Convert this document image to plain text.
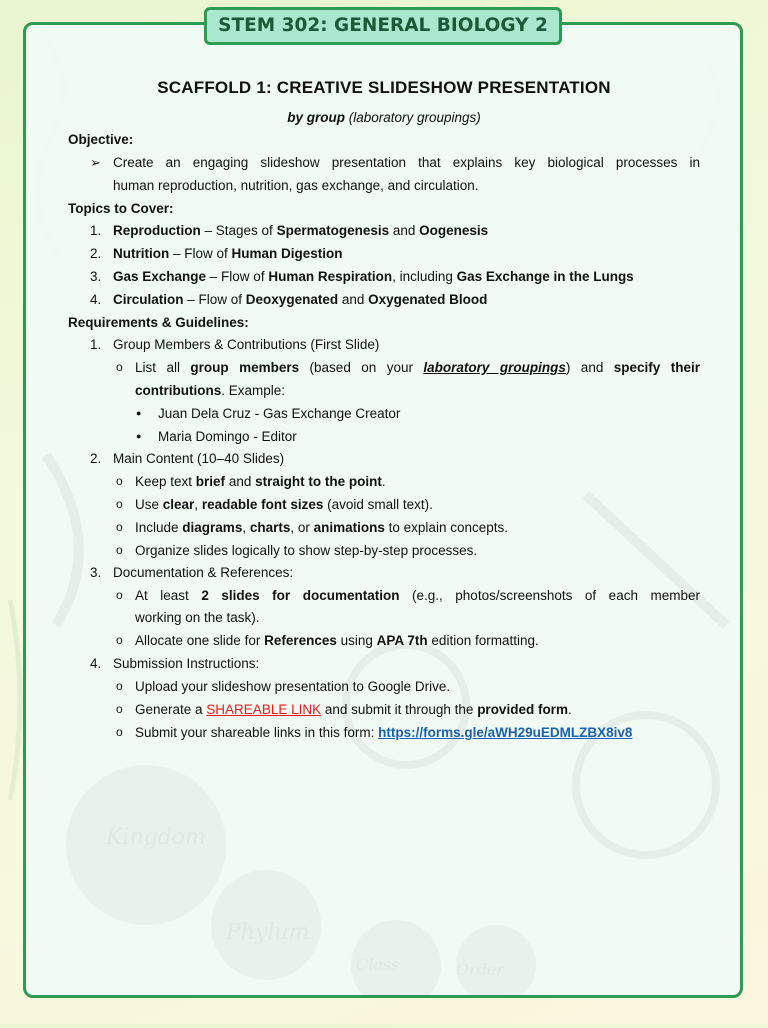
Kingdom
Phylum
Class	Order
STEM 302: GENERAL BIOLOGY 2
SCAFFOLD 1: CREATIVE SLIDESHOW PRESENTATION
by group (laboratory groupings)
Objective:
➢ Create an engaging slideshow presentation that explains key biological processes in
human reproduction, nutrition, gas exchange, and circulation.
Topics to Cover:
1. Reproduction – Stages of Spermatogenesis and Oogenesis
2. Nutrition – Flow of Human Digestion
3. Gas Exchange – Flow of Human Respiration, including Gas Exchange in the Lungs
4. Circulation – Flow of Deoxygenated and Oxygenated Blood
Requirements & Guidelines:
1. Group Members & Contributions (First Slide)
o List all group members (based on your laboratory groupings) and specify their
contributions. Example:
● Juan Dela Cruz - Gas Exchange Creator
● Maria Domingo - Editor
2. Main Content (10–40 Slides)
o Keep text brief and straight to the point.
o Use clear, readable font sizes (avoid small text).
o Include diagrams, charts, or animations to explain concepts.
o Organize slides logically to show step-by-step processes.
3. Documentation & References:
o At least 2 slides for documentation (e.g., photos/screenshots of each member
working on the task).
o Allocate one slide for References using APA 7th edition formatting.
4. Submission Instructions:
o Upload your slideshow presentation to Google Drive.
o Generate a SHAREABLE LINK and submit it through the provided form.
o Submit your shareable links in this form: https://forms.gle/aWH29uEDMLZBX8iv8
